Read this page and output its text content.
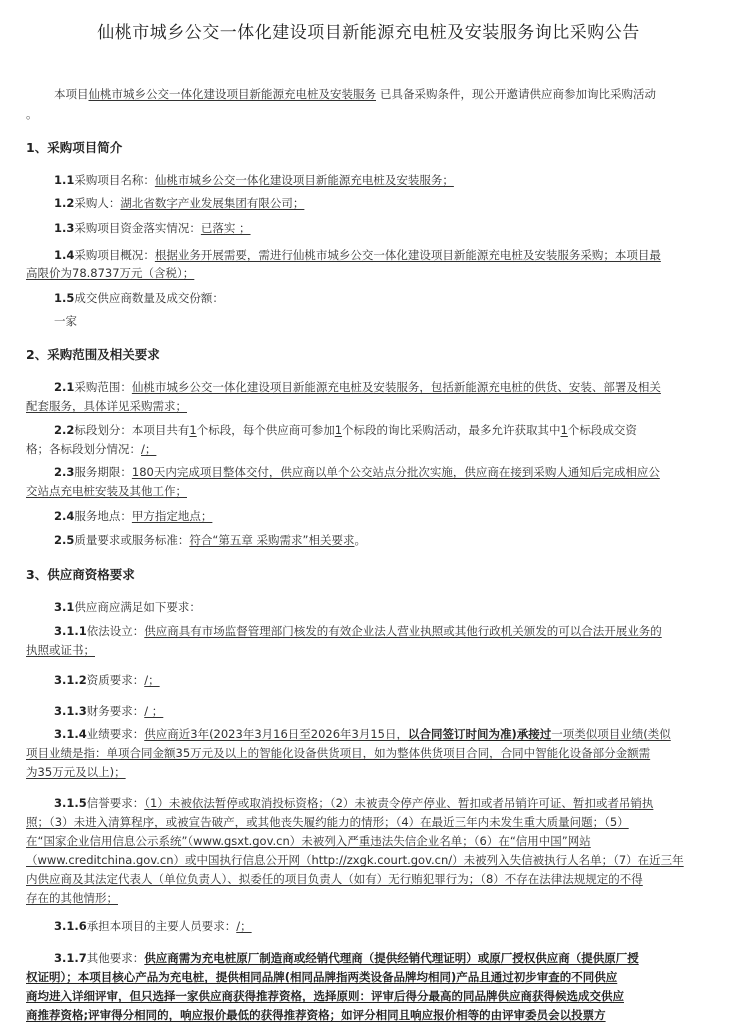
仙桃市城乡公交一体化建设项目新能源充电桩及安装服务询比采购公告
本项目仙桃市城乡公交一体化建设项目新能源充电桩及安装服务 已具备采购条件，现公开邀请供应商参加询比采购活动
。
1、采购项目简介
1.1采购项目名称：仙桃市城乡公交一体化建设项目新能源充电桩及安装服务；
1.2采购人：湖北省数字产业发展集团有限公司；
1.3采购项目资金落实情况：已落实 ；
1.4采购项目概况：根据业务开展需要，需进行仙桃市城乡公交一体化建设项目新能源充电桩及安装服务采购；本项目最
高限价为78.8737万元（含税）；
1.5成交供应商数量及成交份额：
一家
2、采购范围及相关要求
2.1采购范围：仙桃市城乡公交一体化建设项目新能源充电桩及安装服务，包括新能源充电桩的供货、安装、部署及相关
配套服务，具体详见采购需求；
2.2标段划分：本项目共有1个标段，每个供应商可参加1个标段的询比采购活动，最多允许获取其中1个标段成交资
格；各标段划分情况：/；
2.3服务期限：180天内完成项目整体交付，供应商以单个公交站点分批次实施，供应商在接到采购人通知后完成相应公
交站点充电桩安装及其他工作；
2.4服务地点：甲方指定地点；
2.5质量要求或服务标准：符合“第五章 采购需求”相关要求。
3、供应商资格要求
3.1供应商应满足如下要求：
3.1.1依法设立：供应商具有市场监督管理部门核发的有效企业法人营业执照或其他行政机关颁发的可以合法开展业务的
执照或证书；
3.1.2资质要求：/；
3.1.3财务要求：/ ；
3.1.4业绩要求：供应商近3年(2023年3月16日至2026年3月15日，以合同签订时间为准)承接过一项类似项目业绩(类似
项目业绩是指：单项合同金额35万元及以上的智能化设备供货项目，如为整体供货项目合同，合同中智能化设备部分金额需
为35万元及以上)；
3.1.5信誉要求：（1）未被依法暂停或取消投标资格；（2）未被责令停产停业、暂扣或者吊销许可证、暂扣或者吊销执
照；（3）未进入清算程序，或被宣告破产，或其他丧失履约能力的情形；（4）在最近三年内未发生重大质量问题；（5）
在“国家企业信用信息公示系统”（www.gsxt.gov.cn）未被列入严重违法失信企业名单；（6）在“信用中国”网站
（www.creditchina.gov.cn）或中国执行信息公开网（http://zxgk.court.gov.cn/）未被列入失信被执行人名单；（7）在近三年
内供应商及其法定代表人（单位负责人）、拟委任的项目负责人（如有）无行贿犯罪行为；（8）不存在法律法规规定的不得
存在的其他情形；
3.1.6承担本项目的主要人员要求：/；
3.1.7其他要求：供应商需为充电桩原厂制造商或经销代理商（提供经销代理证明）或原厂授权供应商（提供原厂授
权证明）；本项目核心产品为充电桩，提供相同品牌(相同品牌指两类设备品牌均相同)产品且通过初步审查的不同供应
商均进入详细评审，但只选择一家供应商获得推荐资格，选择原则：评审后得分最高的同品牌供应商获得候选成交供应
商推荐资格;评审得分相同的，响应报价最低的获得推荐资格；如评分相同且响应报价相等的由评审委员会以投票方
